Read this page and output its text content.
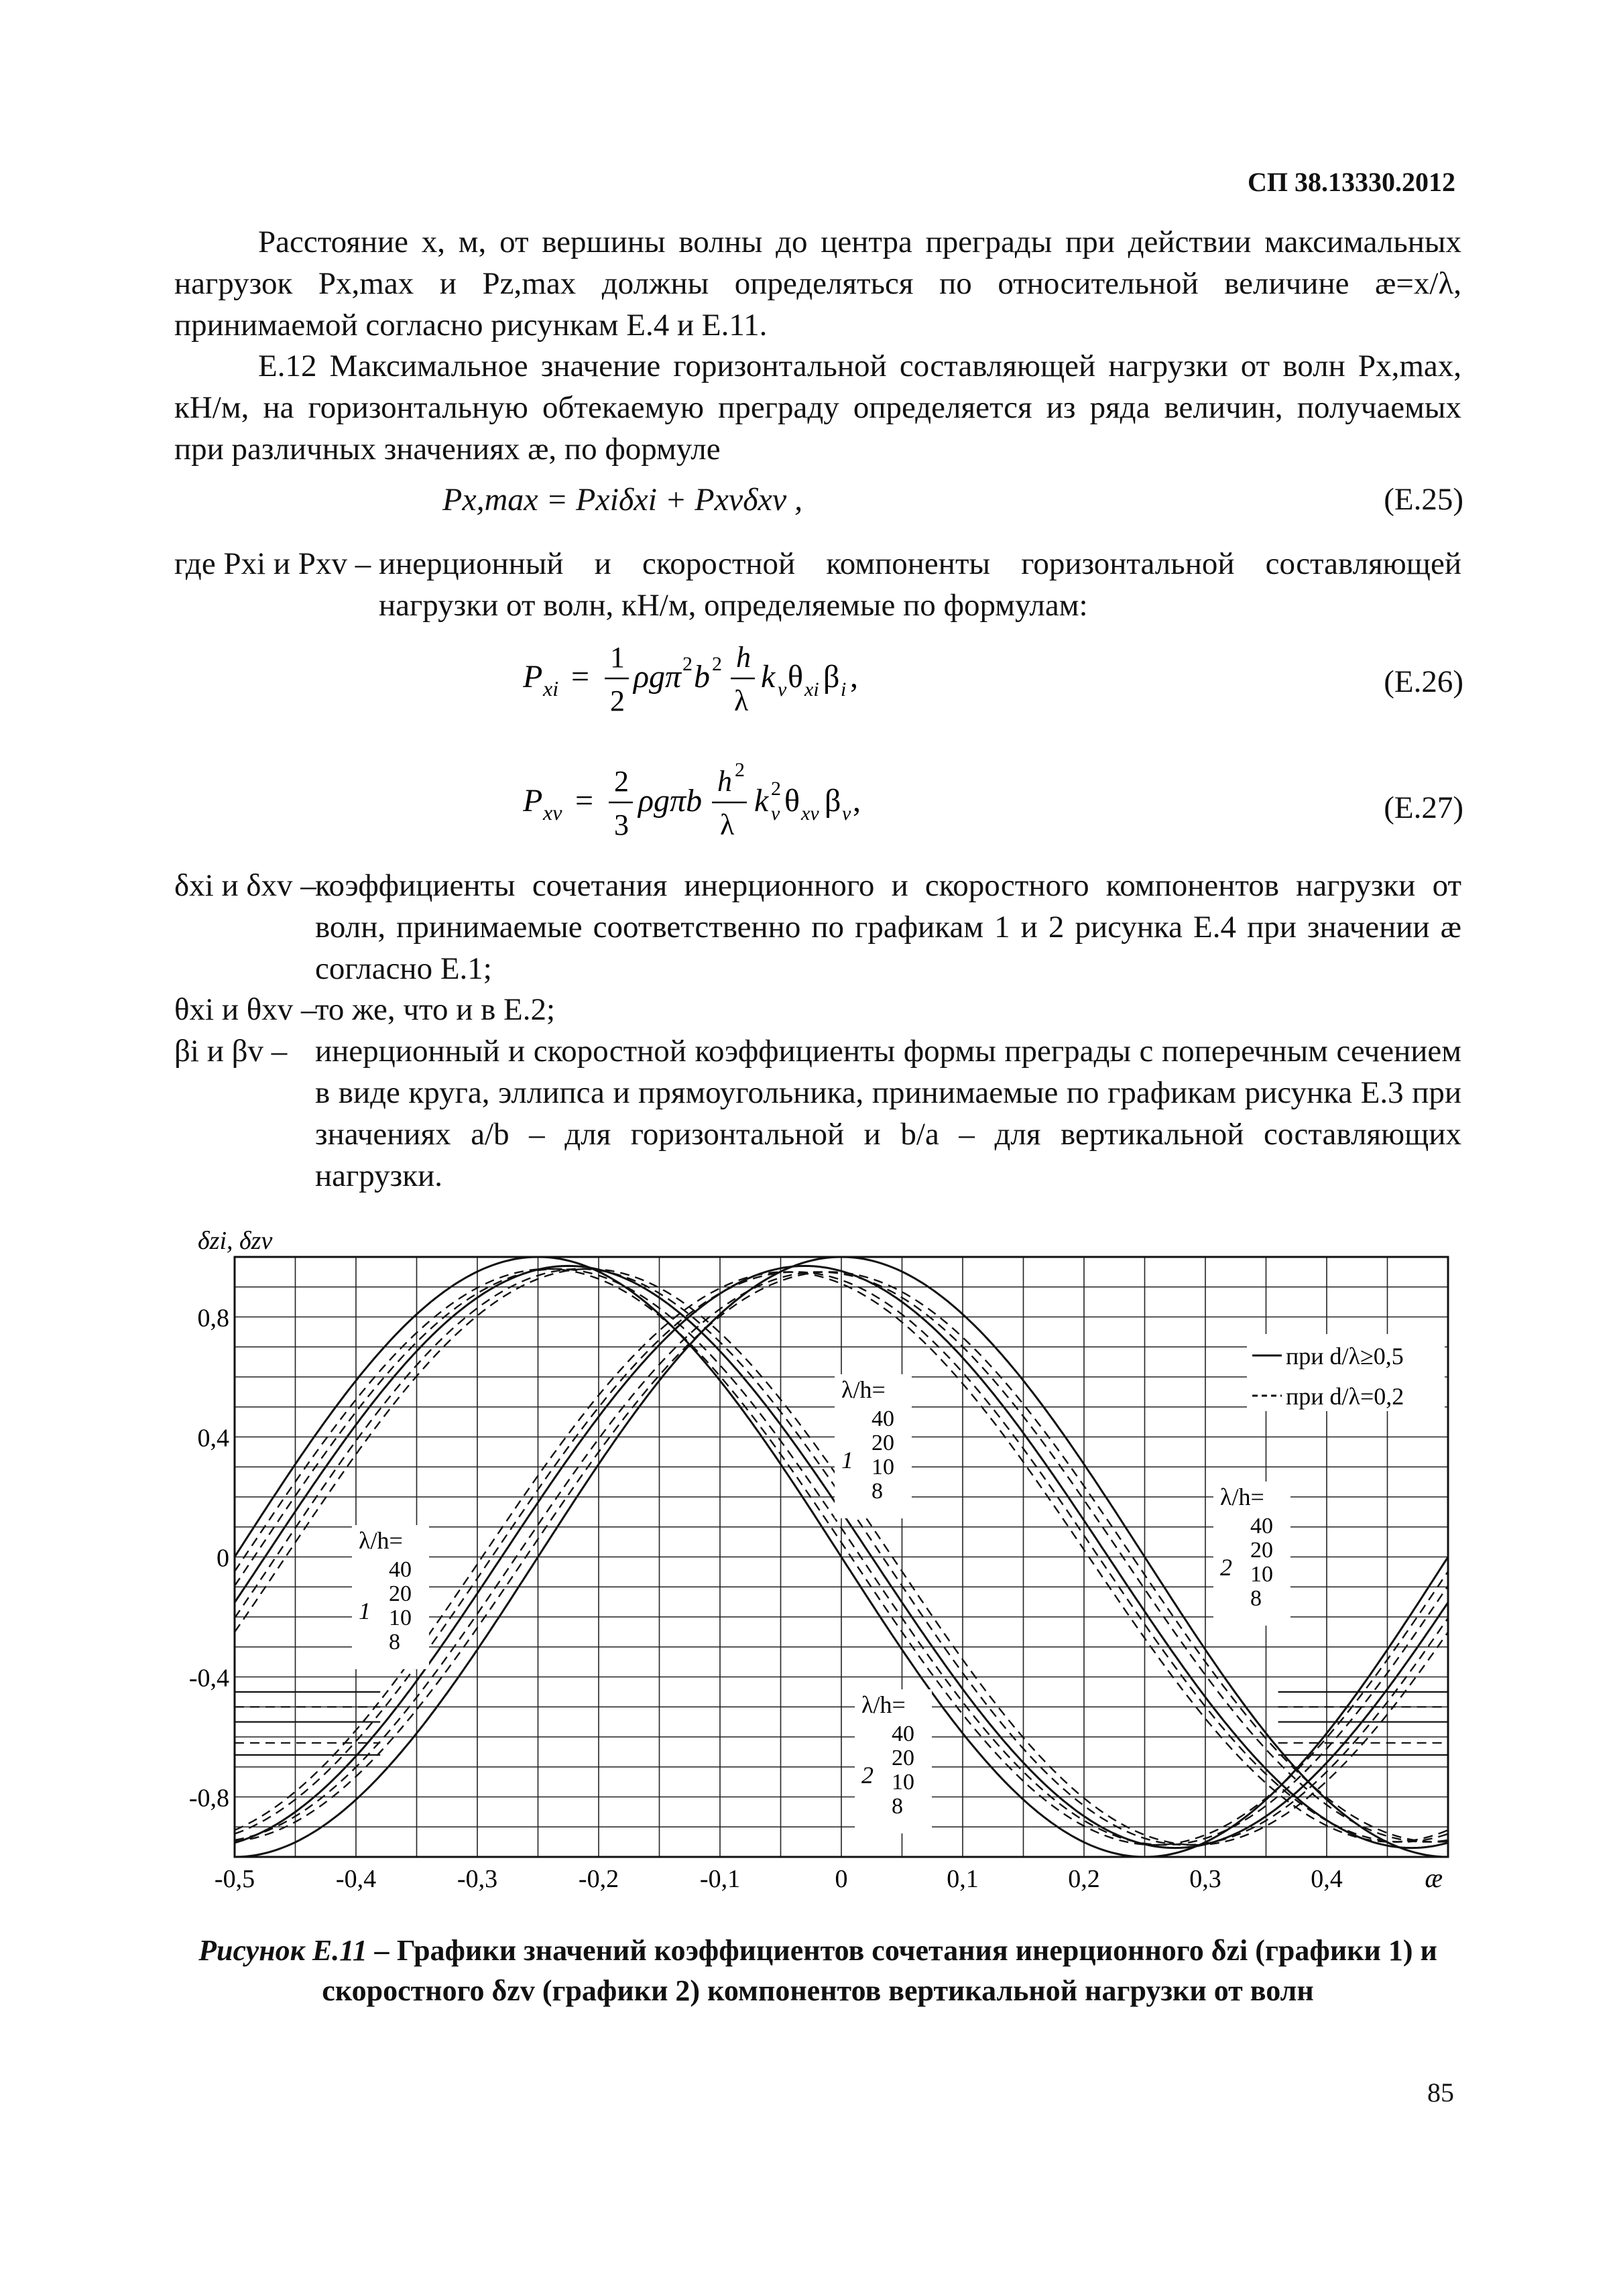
СП 38.13330.2012
Расстояние x, м, от вершины волны до центра преграды при действии максимальных нагрузок Px,max и Pz,max должны определяться по относительной величине æ=x/λ, принимаемой согласно рисункам Е.4 и Е.11.
Е.12 Максимальное значение горизонтальной составляющей нагрузки от волн Px,max, кН/м, на горизонтальную обтекаемую преграду определяется из ряда величин, получаемых при различных значениях æ, по формуле
Px,max = Pxiδxi + Pxvδxv ,	(Е.25)
где Pxi и Pxv – инерционный и скоростной компоненты горизонтальной составляющей нагрузки от волн, кН/м, определяемые по формулам:
P xi =
1
2
ρgπ 2 b 2 h
λ
k v θ xi β i ,	(Е.26)
P xv =
2
3
ρgπb
h 2
λ
k 2
v θ xv β v ,	(Е.27)
δxi и δxv –
коэффициенты сочетания инерционного и скоростного компонентов нагрузки от волн, принимаемые соответственно по графикам 1 и 2 рисунка Е.4 при значении æ согласно Е.1;
θxi и θxv –
то же, что и в Е.2;
βi и βv – инерционный и скоростной коэффициенты формы преграды с поперечным сечением в виде круга, эллипса и прямоугольника, принимаемые по графикам рисунка Е.3 при значениях a/b – для горизонтальной и b/a – для вертикальной составляющих нагрузки.
-0,5	-0,4	-0,3	-0,2	-0,1	0	0,1	0,2	0,3	0,4	æ
0,8
0,4
0
-0,4
-0,8
δzi, δzv
при d/λ≥0,5
при d/λ=0,2
λ/h=
40
20
10
8
1
λ/h=
40
20
10
8
2
λ/h=
40
20
10
8
1
λ/h=
40
20
10
8
2
Рисунок Е.11 – Графики значений коэффициентов сочетания инерционного δzi (графики 1) и скоростного δzv (графики 2) компонентов вертикальной нагрузки от волн
85
